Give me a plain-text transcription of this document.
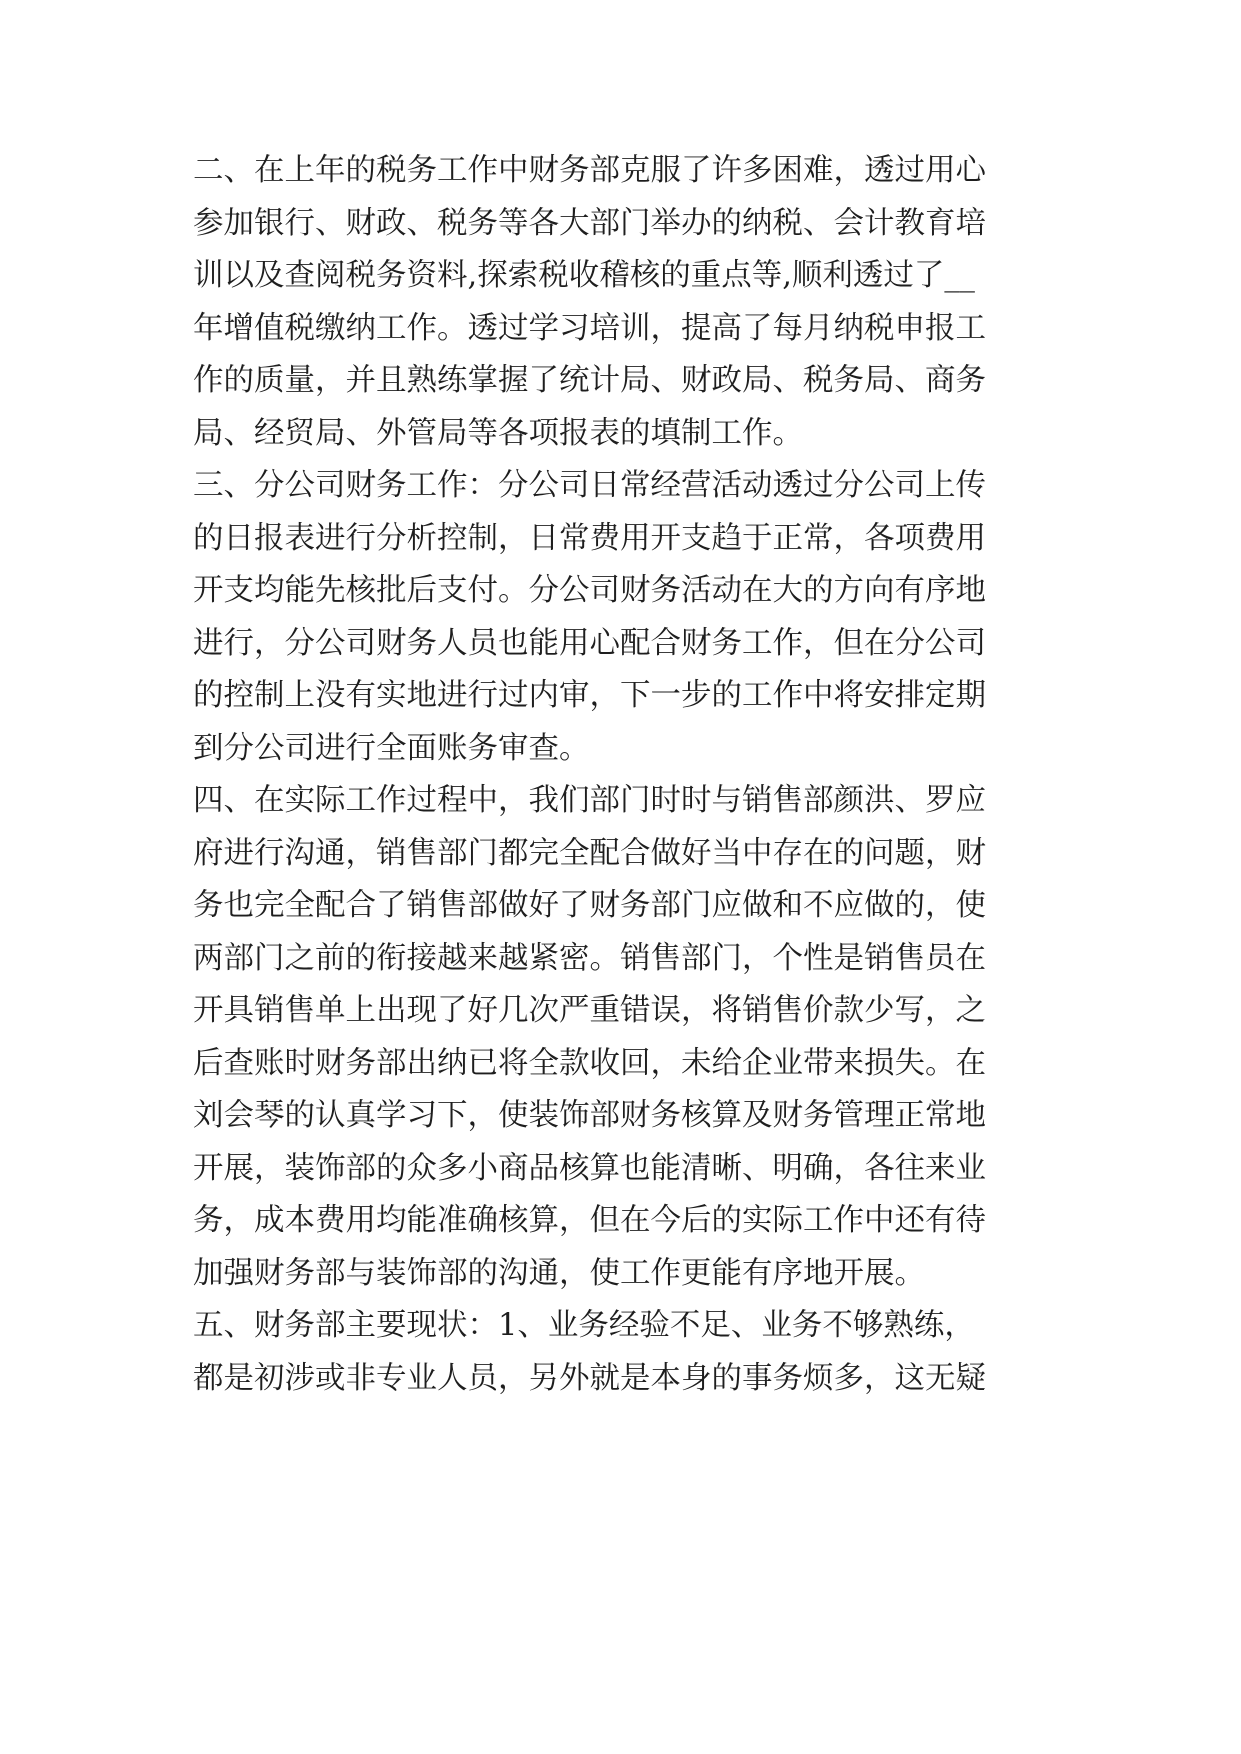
二、在上年的税务工作中财务部克服了许多困难，透过用心
参加银行、财政、税务等各大部门举办的纳税、会计教育培
训以及查阅税务资料,探索税收稽核的重点等,顺利透过了__
年增值税缴纳工作。透过学习培训，提高了每月纳税申报工
作的质量，并且熟练掌握了统计局、财政局、税务局、商务
局、经贸局、外管局等各项报表的填制工作。
三、分公司财务工作：分公司日常经营活动透过分公司上传
的日报表进行分析控制，日常费用开支趋于正常，各项费用
开支均能先核批后支付。分公司财务活动在大的方向有序地
进行，分公司财务人员也能用心配合财务工作，但在分公司
的控制上没有实地进行过内审，下一步的工作中将安排定期
到分公司进行全面账务审查。
四、在实际工作过程中，我们部门时时与销售部颜洪、罗应
府进行沟通，销售部门都完全配合做好当中存在的问题，财
务也完全配合了销售部做好了财务部门应做和不应做的，使
两部门之前的衔接越来越紧密。销售部门，个性是销售员在
开具销售单上出现了好几次严重错误，将销售价款少写，之
后查账时财务部出纳已将全款收回，未给企业带来损失。在
刘会琴的认真学习下，使装饰部财务核算及财务管理正常地
开展，装饰部的众多小商品核算也能清晰、明确，各往来业
务，成本费用均能准确核算，但在今后的实际工作中还有待
加强财务部与装饰部的沟通，使工作更能有序地开展。
五、财务部主要现状：1、业务经验不足、业务不够熟练，
都是初涉或非专业人员，另外就是本身的事务烦多，这无疑
